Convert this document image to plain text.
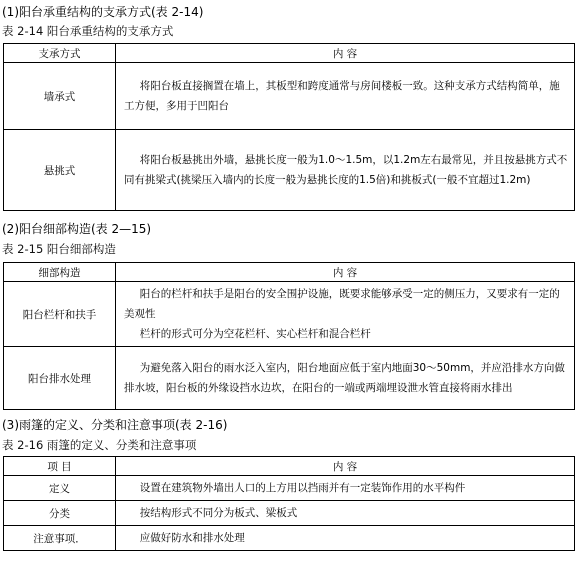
(1)阳台承重结构的支承方式(表 2-14)
表 2-14 阳台承重结构的支承方式
支承方式	内 容
墙承式	将阳台板直接搁置在墙上，其板型和跨度通常与房间楼板一致。这种支承方式结构简单，施工方便，多用于凹阳台

悬挑式	将阳台板悬挑出外墙，悬挑长度一般为1.0～1.5m，以1.2m左右最常见，并且按悬挑方式不同有挑梁式(挑梁压入墙内的长度一般为悬挑长度的1.5倍)和挑板式(一般不宜超过1.2m)

(2)阳台细部构造(表 2—15)
表 2-15 阳台细部构造
细部构造	内 容
阳台栏杆和扶手	阳台的栏杆和扶手是阳台的安全围护设施，既要求能够承受一定的侧压力，又要求有一定的美观性

栏杆的形式可分为空花栏杆、实心栏杆和混合栏杆

阳台排水处理	为避免落入阳台的雨水泛入室内，阳台地面应低于室内地面30～50mm，并应沿排水方向做排水坡，阳台板的外缘设挡水边坎，在阳台的一端或两端埋设泄水管直接将雨水排出

(3)雨篷的定义、分类和注意事项(表 2-16)
表 2-16 雨篷的定义、分类和注意事项
项 目	内 容
定义	设置在建筑物外墙出人口的上方用以挡雨并有一定装饰作用的水平构件

分类	按结构形式不同分为板式、梁板式

注意事项．	应做好防水和排水处理
